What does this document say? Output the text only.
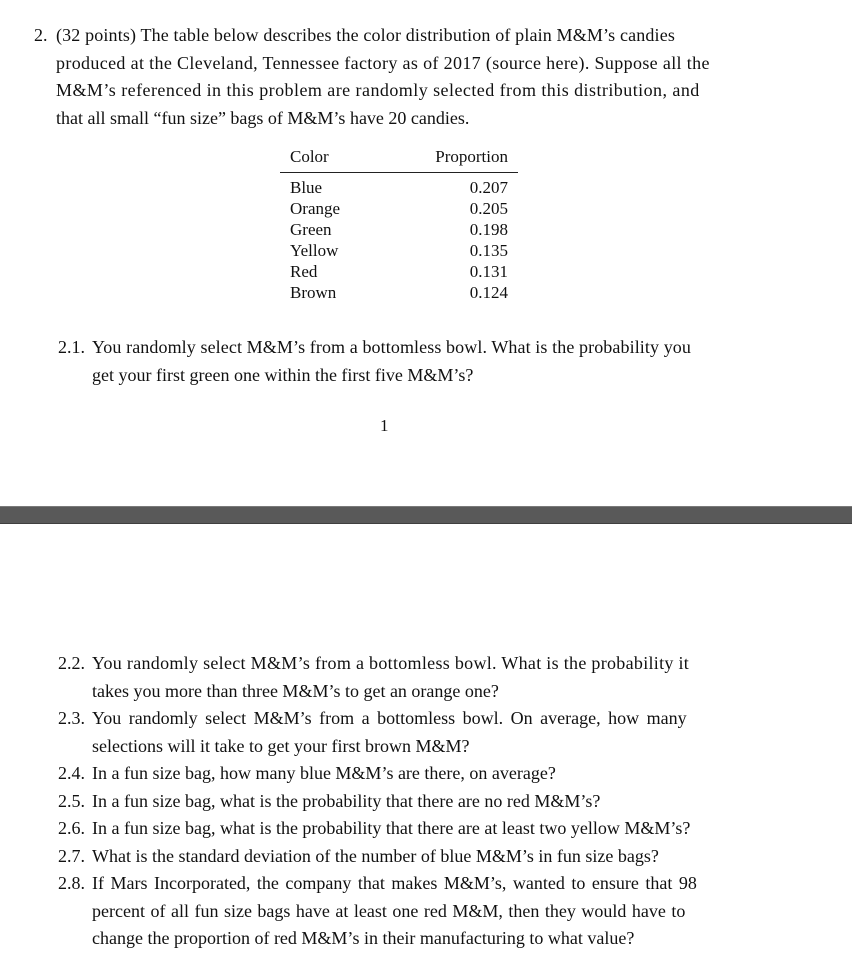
2. (32 points) The table below describes the color distribution of plain M&M’s candies
produced at the Cleveland, Tennessee factory as of 2017 (source here). Suppose all the
M&M’s referenced in this problem are randomly selected from this distribution, and
that all small “fun size” bags of M&M’s have 20 candies.
Color	Proportion
Blue	0.207
Orange	0.205
Green	0.198
Yellow	0.135
Red	0.131
Brown	0.124
2.1. You randomly select M&M’s from a bottomless bowl. What is the probability you
get your first green one within the first five M&M’s?
1
2.2. You randomly select M&M’s from a bottomless bowl. What is the probability it
takes you more than three M&M’s to get an orange one?
2.3. You randomly select M&M’s from a bottomless bowl. On average, how many
selections will it take to get your first brown M&M?
2.4. In a fun size bag, how many blue M&M’s are there, on average?
2.5. In a fun size bag, what is the probability that there are no red M&M’s?
2.6. In a fun size bag, what is the probability that there are at least two yellow M&M’s?
2.7. What is the standard deviation of the number of blue M&M’s in fun size bags?
2.8. If Mars Incorporated, the company that makes M&M’s, wanted to ensure that 98
percent of all fun size bags have at least one red M&M, then they would have to
change the proportion of red M&M’s in their manufacturing to what value?
